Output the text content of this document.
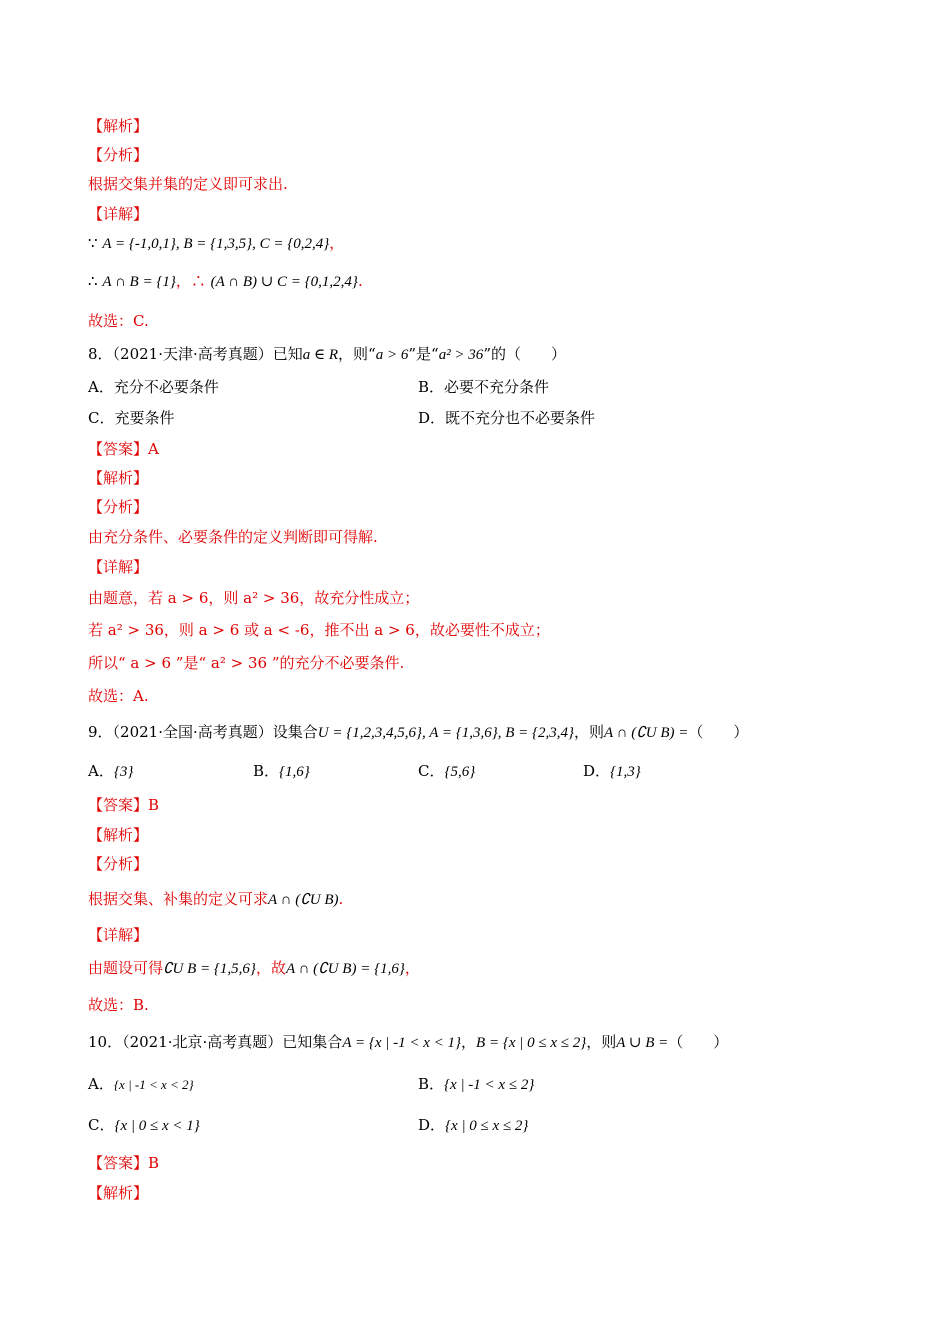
【解析】
【分析】
根据交集并集的定义即可求出.
【详解】
∵ A = {-1,0,1}, B = {1,3,5}, C = {0,2,4}，
∴ A ∩ B = {1}，∴ (A ∩ B) ∪ C = {0,1,2,4}.
故选：C.
8．（2021·天津·高考真题）已知a ∈ R，则“a > 6”是“a² > 36”的（　　）
A．充分不必要条件	B．必要不充分条件
C．充要条件	D．既不充分也不必要条件
【答案】A
【解析】
【分析】
由充分条件、必要条件的定义判断即可得解.
【详解】
由题意，若 a > 6，则 a² > 36，故充分性成立；
若 a² > 36，则 a > 6 或 a < -6，推不出 a > 6，故必要性不成立；
所以“ a > 6 ”是“ a² > 36 ”的充分不必要条件.
故选：A.
9．（2021·全国·高考真题）设集合U = {1,2,3,4,5,6}, A = {1,3,6}, B = {2,3,4}，则A ∩ (∁U B) =（　　）
A．{3}	B．{1,6}	C．{5,6}	D．{1,3}
【答案】B
【解析】
【分析】
根据交集、补集的定义可求A ∩ (∁U B).
【详解】
由题设可得∁U B = {1,5,6}，故A ∩ (∁U B) = {1,6}，
故选：B.
10．（2021·北京·高考真题）已知集合A = {x | -1 < x < 1}，B = {x | 0 ≤ x ≤ 2}，则A ∪ B =（　　）
A．{x | -1 < x < 2}	B．{x | -1 < x ≤ 2}
C．{x | 0 ≤ x < 1}	D．{x | 0 ≤ x ≤ 2}
【答案】B
【解析】
